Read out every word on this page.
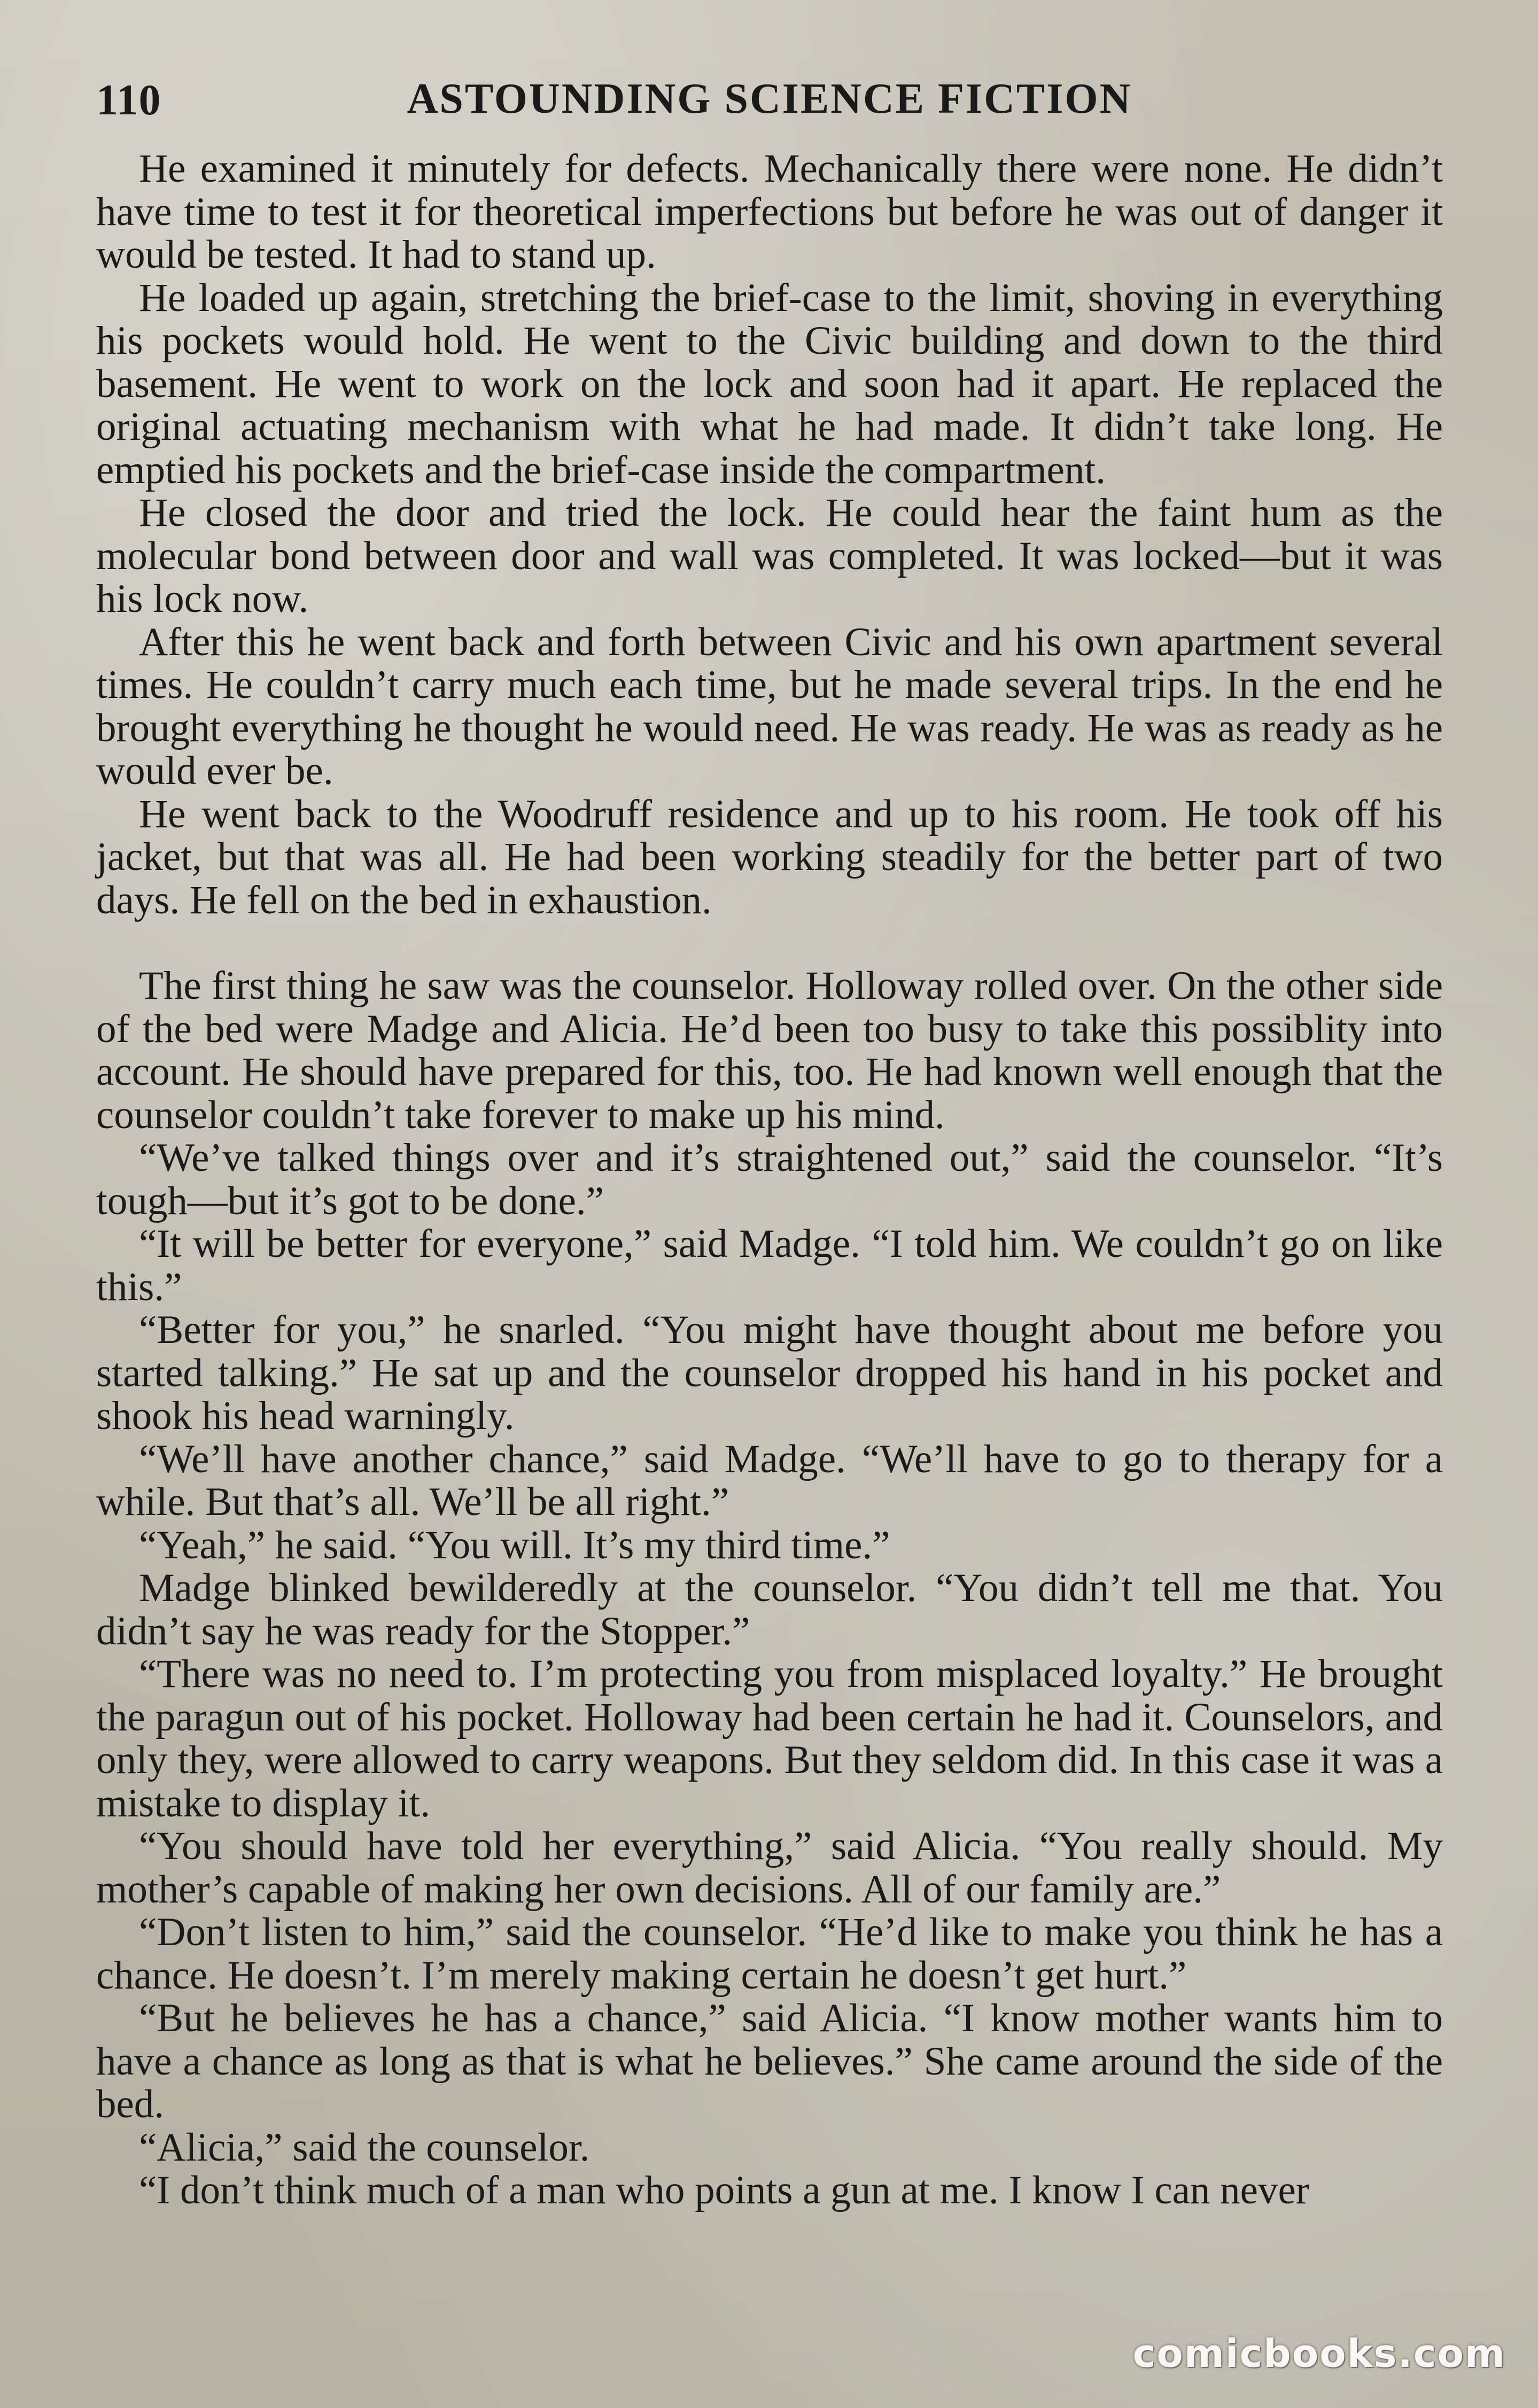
110	ASTOUNDING SCIENCE FICTION

He examined it minutely for defects. Mechanically there were none. He didn’t have time to test it for theoretical imperfections but before he was out of danger it would be tested. It had to stand up.

He loaded up again, stretching the brief-case to the limit, shoving in everything his pockets would hold. He went to the Civic building and down to the third basement. He went to work on the lock and soon had it apart. He replaced the original actuating mechanism with what he had made. It didn’t take long. He emptied his pockets and the brief-case inside the compartment.

He closed the door and tried the lock. He could hear the faint hum as the molecular bond between door and wall was completed. It was locked—but it was his lock now.

After this he went back and forth between Civic and his own apartment several times. He couldn’t carry much each time, but he made several trips. In the end he brought everything he thought he would need. He was ready. He was as ready as he would ever be.

He went back to the Woodruff residence and up to his room. He took off his jacket, but that was all. He had been working steadily for the better part of two days. He fell on the bed in exhaustion.

The first thing he saw was the counselor. Holloway rolled over. On the other side of the bed were Madge and Alicia. He’d been too busy to take this possiblity into account. He should have prepared for this, too. He had known well enough that the counselor couldn’t take forever to make up his mind.

“We’ve talked things over and it’s straightened out,” said the counselor. “It’s tough—but it’s got to be done.”

“It will be better for everyone,” said Madge. “I told him. We couldn’t go on like this.”

“Better for you,” he snarled. “You might have thought about me before you started talking.” He sat up and the counselor dropped his hand in his pocket and shook his head warningly.

“We’ll have another chance,” said Madge. “We’ll have to go to therapy for a while. But that’s all. We’ll be all right.”

“Yeah,” he said. “You will. It’s my third time.”

Madge blinked bewilderedly at the counselor. “You didn’t tell me that. You didn’t say he was ready for the Stopper.”

“There was no need to. I’m protecting you from misplaced loyalty.” He brought the paragun out of his pocket. Holloway had been certain he had it. Counselors, and only they, were allowed to carry weapons. But they seldom did. In this case it was a mistake to display it.

“You should have told her everything,” said Alicia. “You really should. My mother’s capable of making her own decisions. All of our family are.”

“Don’t listen to him,” said the counselor. “He’d like to make you think he has a chance. He doesn’t. I’m merely making certain he doesn’t get hurt.”

“But he believes he has a chance,” said Alicia. “I know mother wants him to have a chance as long as that is what he believes.” She came around the side of the bed.

“Alicia,” said the counselor.

“I don’t think much of a man who points a gun at me. I know I can never

comicbooks.com
